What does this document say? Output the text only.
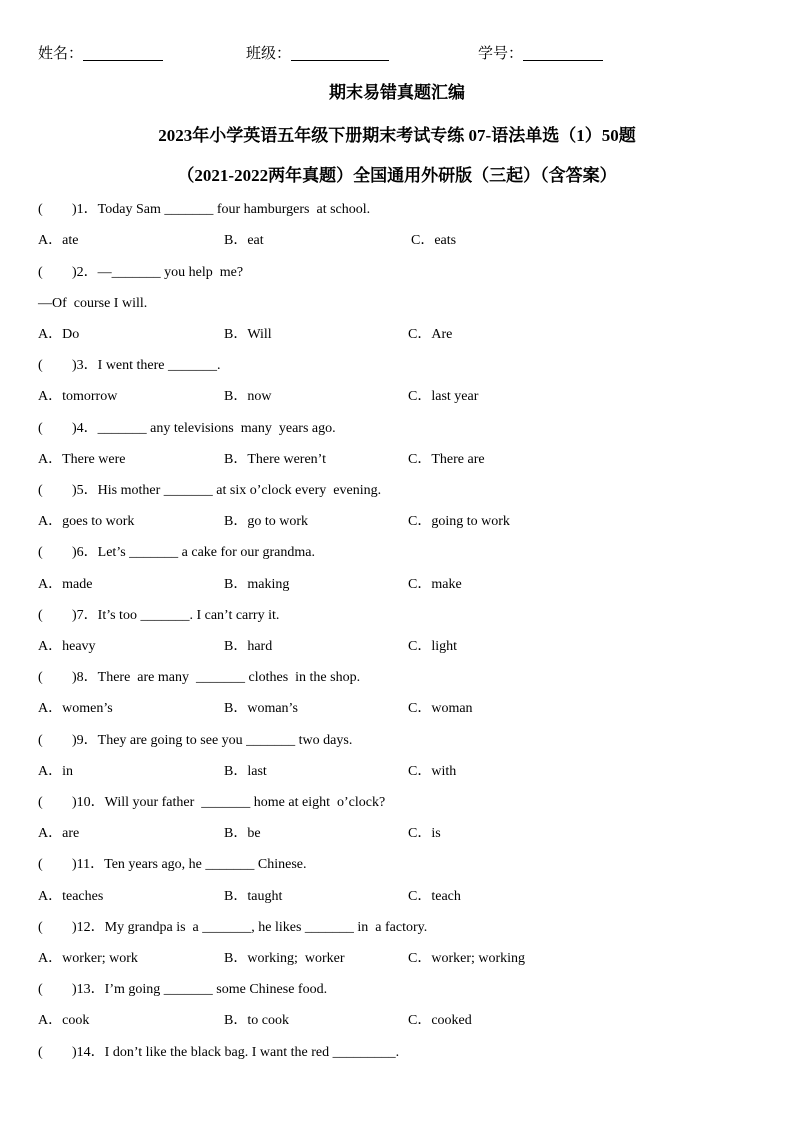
姓名：	班级：	学号：
期末易错真题汇编
2023年小学英语五年级下册期末考试专练 07-语法单选（1）50题
（2021-2022两年真题）全国通用外研版（三起）（含答案）
( )1．Today Sam _______ four hamburgers  at school.
A．ate	B．eat	C．eats
( )2．—_______ you help  me?
—Of  course I will.
A．Do	B．Will	C．Are
( )3．I went there _______.
A．tomorrow	B．now	C．last year
( )4．_______ any televisions  many  years ago.
A．There were	B．There weren’t	C．There are
( )5．His mother _______ at six o’clock every  evening.
A．goes to work	B．go to work	C．going to work
( )6．Let’s _______ a cake for our grandma.
A．made	B．making	C．make
( )7．It’s too _______. I can’t carry it.
A．heavy	B．hard	C．light
( )8．There  are many  _______ clothes  in the shop.
A．women’s	B．woman’s	C．woman
( )9．They are going to see you _______ two days.
A．in	B．last	C．with
( )10．Will your father  _______ home at eight  o’clock?
A．are	B．be	C．is
( )11．Ten years ago, he _______ Chinese.
A．teaches	B．taught	C．teach
( )12．My grandpa is  a _______, he likes _______ in  a factory.
A．worker; work	B．working;  worker	C．worker; working
( )13．I’m going _______ some Chinese food.
A．cook	B．to cook	C．cooked
( )14．I don’t like the black bag. I want the red _________.
